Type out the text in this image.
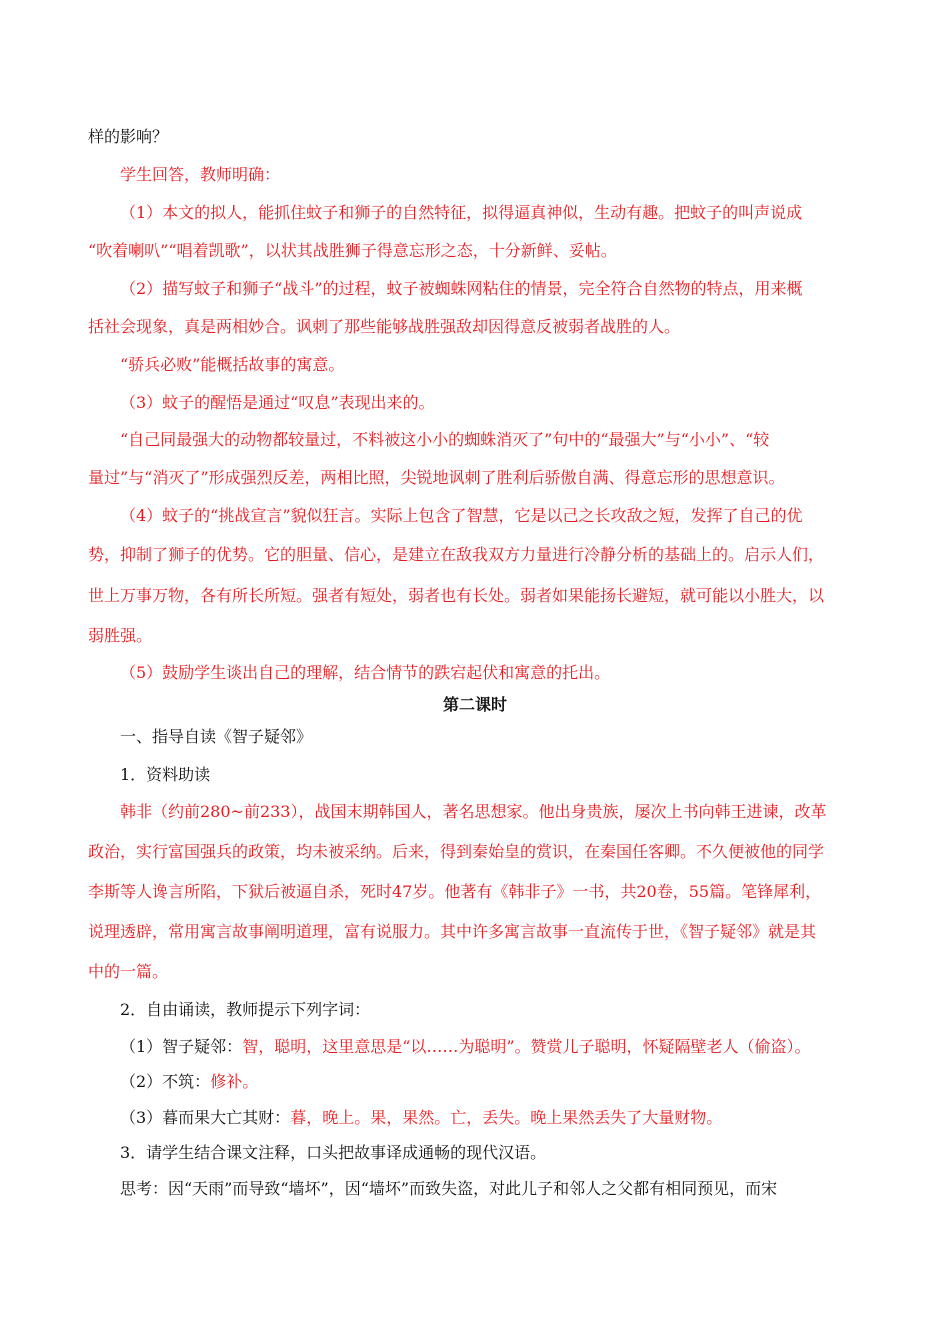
样的影响？
学生回答，教师明确：
（1）本文的拟人，能抓住蚊子和狮子的自然特征，拟得逼真神似，生动有趣。把蚊子的叫声说成
“吹着喇叭”“唱着凯歌”，以状其战胜狮子得意忘形之态，十分新鲜、妥帖。
（2）描写蚊子和狮子“战斗”的过程，蚊子被蜘蛛网粘住的情景，完全符合自然物的特点，用来概
括社会现象，真是两相妙合。讽刺了那些能够战胜强敌却因得意反被弱者战胜的人。
“骄兵必败”能概括故事的寓意。
（3）蚊子的醒悟是通过“叹息”表现出来的。
“自己同最强大的动物都较量过，不料被这小小的蜘蛛消灭了”句中的“最强大”与“小小”、“较
量过”与“消灭了”形成强烈反差，两相比照，尖锐地讽刺了胜利后骄傲自满、得意忘形的思想意识。
（4）蚊子的“挑战宣言”貌似狂言。实际上包含了智慧，它是以己之长攻敌之短，发挥了自己的优
势，抑制了狮子的优势。它的胆量、信心，是建立在敌我双方力量进行冷静分析的基础上的。启示人们，
世上万事万物，各有所长所短。强者有短处，弱者也有长处。弱者如果能扬长避短，就可能以小胜大，以
弱胜强。
（5）鼓励学生谈出自己的理解，结合情节的跌宕起伏和寓意的托出。
第二课时
一、指导自读《智子疑邻》
1．资料助读
韩非（约前280~前233），战国末期韩国人，著名思想家。他出身贵族，屡次上书向韩王进谏，改革
政治，实行富国强兵的政策，均未被采纳。后来，得到秦始皇的赏识，在秦国任客卿。不久便被他的同学
李斯等人谗言所陷，下狱后被逼自杀，死时47岁。他著有《韩非子》一书，共20卷，55篇。笔锋犀利，
说理透辟，常用寓言故事阐明道理，富有说服力。其中许多寓言故事一直流传于世，《智子疑邻》就是其
中的一篇。
2．自由诵读，教师提示下列字词：
（1）智子疑邻：智，聪明，这里意思是“以……为聪明”。赞赏儿子聪明，怀疑隔壁老人（偷盗）。
（2）不筑：修补。
（3）暮而果大亡其财：暮，晚上。果，果然。亡，丢失。晚上果然丢失了大量财物。
3．请学生结合课文注释，口头把故事译成通畅的现代汉语。
思考：因“天雨”而导致“墙坏”，因“墙坏”而致失盗，对此儿子和邻人之父都有相同预见，而宋
